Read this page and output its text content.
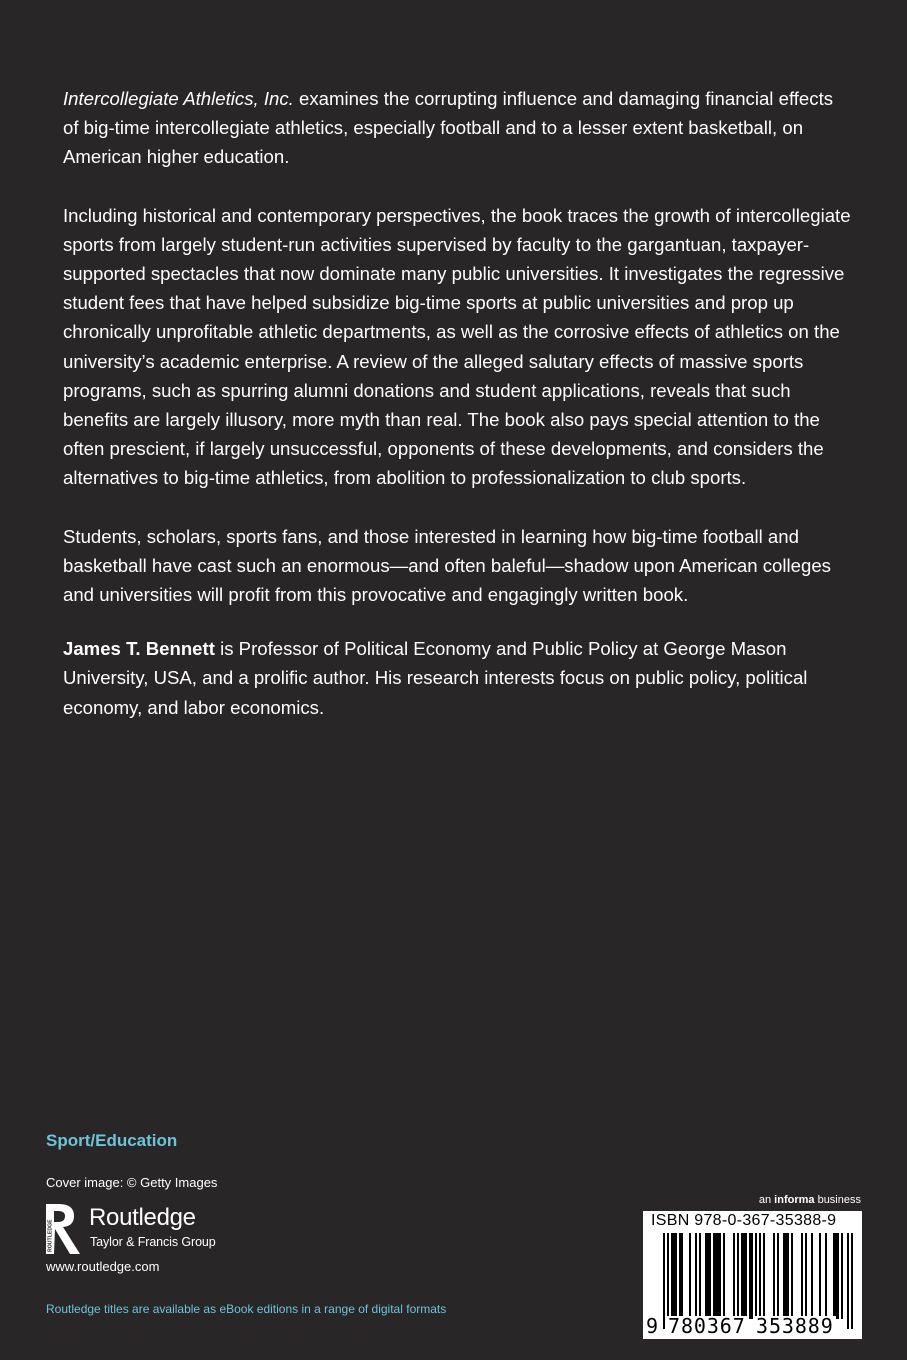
Intercollegiate Athletics, Inc. examines the corrupting influence and damaging financial effects of big-time intercollegiate athletics, especially football and to a lesser extent basketball, on American higher education.

Including historical and contemporary perspectives, the book traces the growth of intercollegiate sports from largely student-run activities supervised by faculty to the gargantuan, taxpayer-supported spectacles that now dominate many public universities. It investigates the regressive student fees that have helped subsidize big-time sports at public universities and prop up chronically unprofitable athletic departments, as well as the corrosive effects of athletics on the university’s academic enterprise. A review of the alleged salutary effects of massive sports programs, such as spurring alumni donations and student applications, reveals that such benefits are largely illusory, more myth than real. The book also pays special attention to the often prescient, if largely unsuccessful, opponents of these developments, and considers the alternatives to big-time athletics, from abolition to professionalization to club sports.

Students, scholars, sports fans, and those interested in learning how big-time football and basketball have cast such an enormous—and often baleful—shadow upon American colleges and universities will profit from this provocative and engagingly written book.

James T. Bennett is Professor of Political Economy and Public Policy at George Mason University, USA, and a prolific author. His research interests focus on public policy, political economy, and labor economics.

Sport/Education
Cover image: © Getty Images
ROUTLEDGE
Routledge
Taylor & Francis Group
www.routledge.com
Routledge titles are available as eBook editions in a range of digital formats
an informa business
ISBN 978-0-367-35388-9
9 780367 353889
